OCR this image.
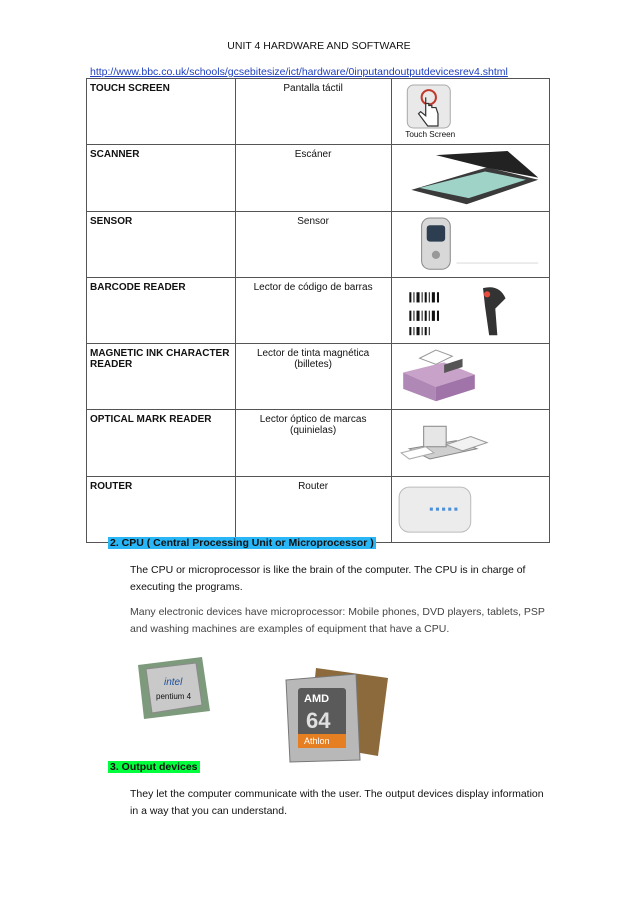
UNIT 4 HARDWARE AND SOFTWARE
http://www.bbc.co.uk/schools/gcsebitesize/ict/hardware/0inputandoutputdevicesrev4.shtml
TOUCH SCREEN	Pantalla táctil	Touch Screen

SCANNER	Escáner	

SENSOR	Sensor	

BARCODE READER	Lector de código de barras	

MAGNETIC INK CHARACTER READER	Lector de tinta magnética (billetes)	

OPTICAL MARK READER	Lector óptico de marcas (quinielas)	

ROUTER	Router	
2. CPU ( Central Processing Unit or Microprocessor )
The CPU or microprocessor is like the brain of the computer. The CPU is in charge of executing the programs.
Many electronic devices have microprocessor: Mobile phones, DVD players, tablets, PSP and washing machines are examples of equipment that have a CPU.
intel
pentium 4	AMD
64
Athlon
3. Output devices
They let the computer communicate with the user. The output devices display information in a way that you can understand.
